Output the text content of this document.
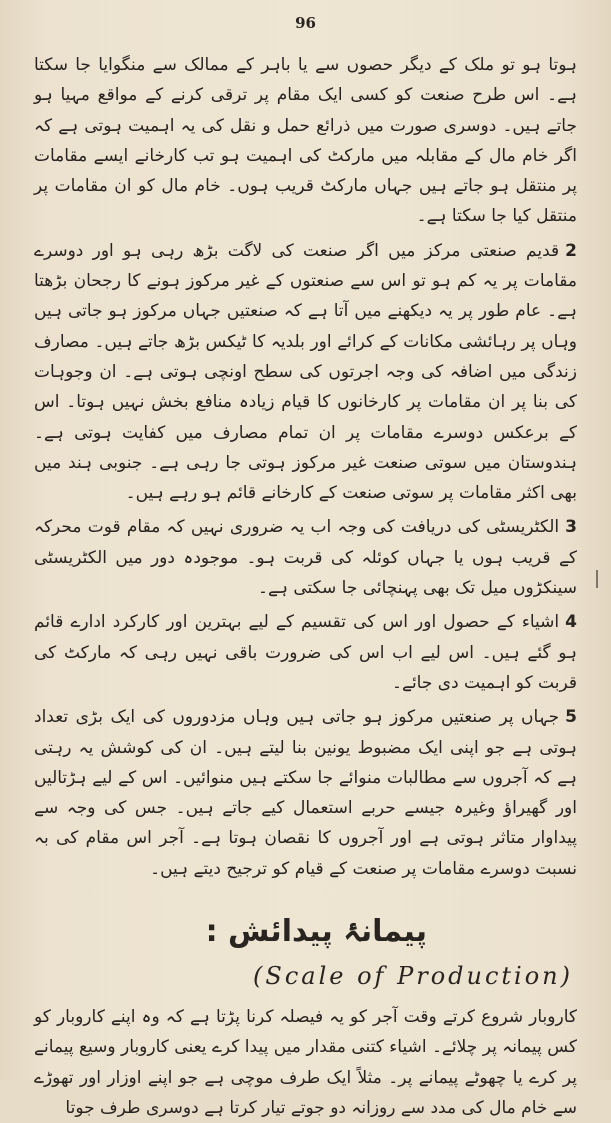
96

ہوتا ہو تو ملک کے دیگر حصوں سے یا باہر کے ممالک سے منگوایا جا سکتا ہے۔ اس طرح صنعت کو کسی ایک مقام پر ترقی کرنے کے مواقع مہیا ہو جاتے ہیں۔ دوسری صورت میں ذرائع حمل و نقل کی یہ اہمیت ہوتی ہے کہ اگر خام مال کے مقابلہ میں مارکٹ کی اہمیت ہو تب کارخانے ایسے مقامات پر منتقل ہو جاتے ہیں جہاں مارکٹ قریب ہوں۔ خام مال کو ان مقامات پر منتقل کیا جا سکتا ہے۔

2قدیم صنعتی مرکز میں اگر صنعت کی لاگت بڑھ رہی ہو اور دوسرے مقامات پر یہ کم ہو تو اس سے صنعتوں کے غیر مرکوز ہونے کا رجحان بڑھتا ہے۔ عام طور پر یہ دیکھنے میں آتا ہے کہ صنعتیں جہاں مرکوز ہو جاتی ہیں وہاں پر رہائشی مکانات کے کرائے اور بلدیہ کا ٹیکس بڑھ جاتے ہیں۔ مصارف زندگی میں اضافہ کی وجہ اجرتوں کی سطح اونچی ہوتی ہے۔ ان وجوہات کی بنا پر ان مقامات پر کارخانوں کا قیام زیادہ منافع بخش نہیں ہوتا۔ اس کے برعکس دوسرے مقامات پر ان تمام مصارف میں کفایت ہوتی ہے۔ ہندوستان میں سوتی صنعت غیر مرکوز ہوتی جا رہی ہے۔ جنوبی ہند میں بھی اکثر مقامات پر سوتی صنعت کے کارخانے قائم ہو رہے ہیں۔

3الکٹریسٹی کی دریافت کی وجہ اب یہ ضروری نہیں کہ مقام قوت محرکہ کے قریب ہوں یا جہاں کوئلہ کی قربت ہو۔ موجودہ دور میں الکٹریسٹی سینکڑوں میل تک بھی پہنچائی جا سکتی ہے۔

4اشیاء کے حصول اور اس کی تقسیم کے لیے بہترین اور کارکرد ادارے قائم ہو گئے ہیں۔ اس لیے اب اس کی ضرورت باقی نہیں رہی کہ مارکٹ کی قربت کو اہمیت دی جائے۔

5جہاں پر صنعتیں مرکوز ہو جاتی ہیں وہاں مزدوروں کی ایک بڑی تعداد ہوتی ہے جو اپنی ایک مضبوط یونین بنا لیتے ہیں۔ ان کی کوشش یہ رہتی ہے کہ آجروں سے مطالبات منوائے جا سکتے ہیں منوائیں۔ اس کے لیے ہڑتالیں اور گھیراؤ وغیرہ جیسے حربے استعمال کیے جاتے ہیں۔ جس کی وجہ سے پیداوار متاثر ہوتی ہے اور آجروں کا نقصان ہوتا ہے۔ آجر اس مقام کی بہ نسبت دوسرے مقامات پر صنعت کے قیام کو ترجیح دیتے ہیں۔

پیمانۂ پیدائش :
(Scale of Production)

کاروبار شروع کرتے وقت آجر کو یہ فیصلہ کرنا پڑتا ہے کہ وہ اپنے کاروبار کو کس پیمانہ پر چلائے۔ اشیاء کتنی مقدار میں پیدا کرے یعنی کاروبار وسیع پیمانے پر کرے یا چھوٹے پیمانے پر۔ مثلاً ایک طرف موچی ہے جو اپنے اوزار اور تھوڑے سے خام مال کی مدد سے روزانہ دو جوتے تیار کرتا ہے دوسری طرف جوتا
